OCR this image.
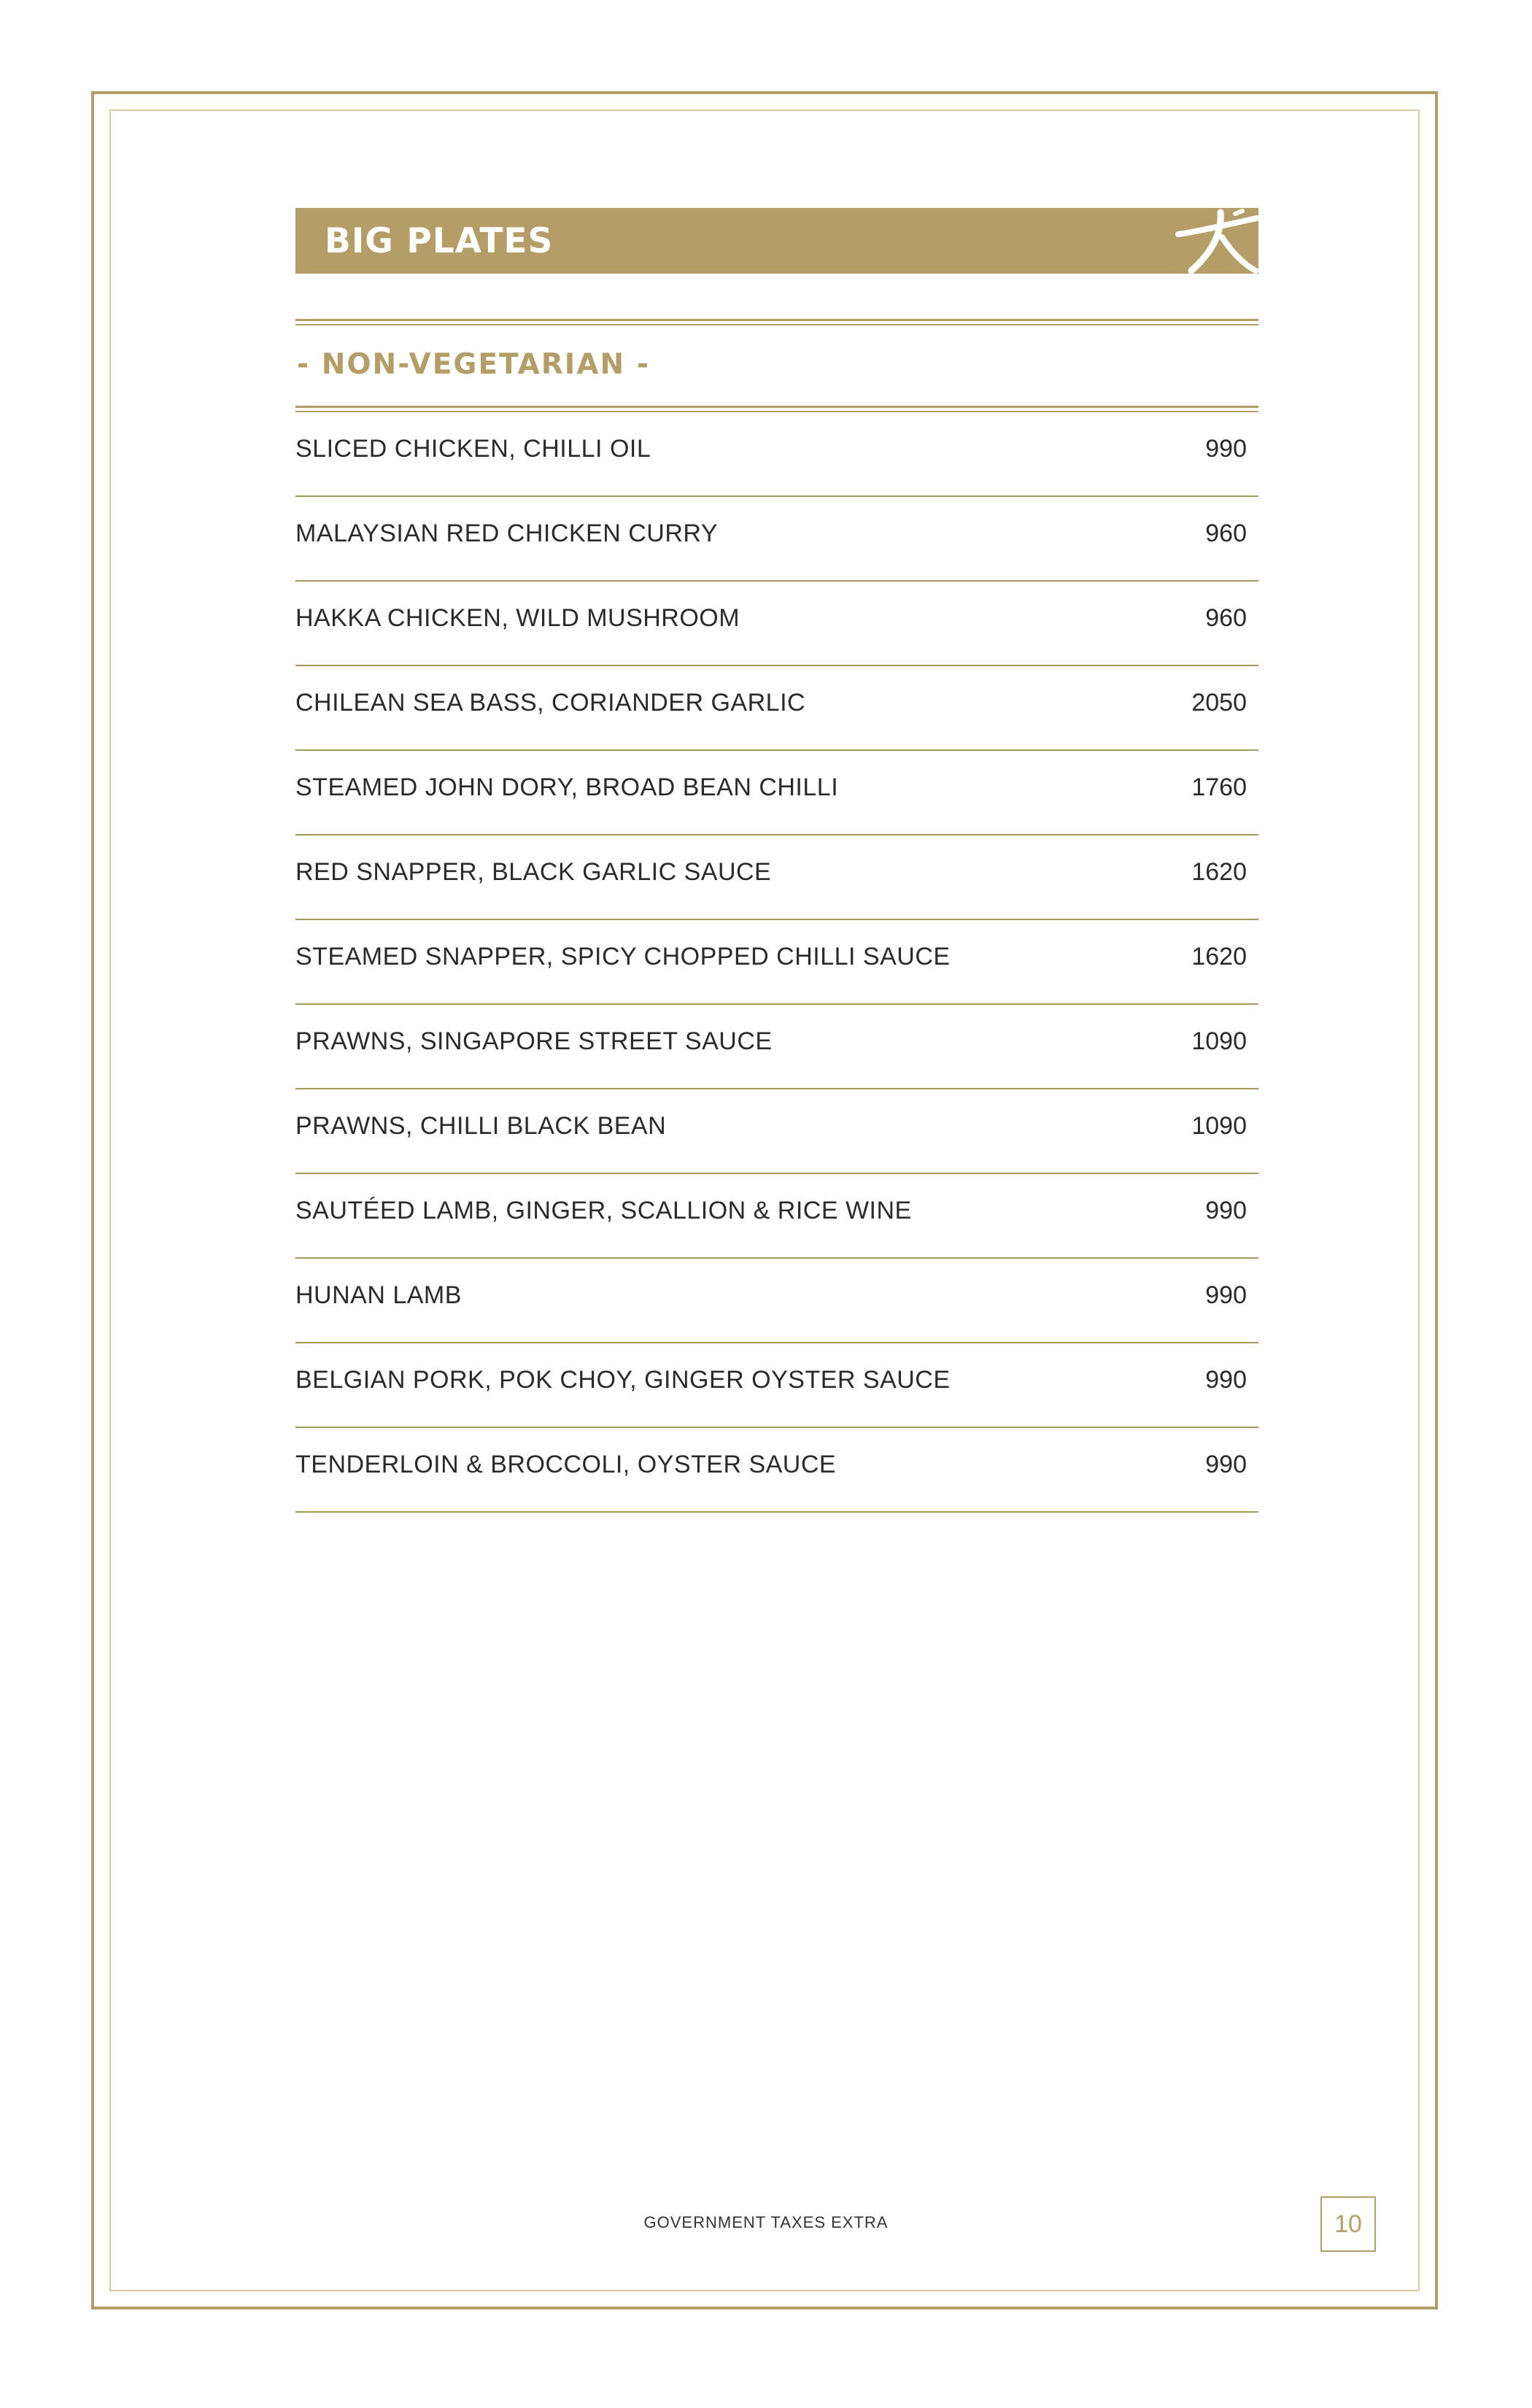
BIG PLATES
- NON-VEGETARIAN -
SLICED CHICKEN, CHILLI OIL	990
MALAYSIAN RED CHICKEN CURRY	960
HAKKA CHICKEN, WILD MUSHROOM	960
CHILEAN SEA BASS, CORIANDER GARLIC	2050
STEAMED JOHN DORY, BROAD BEAN CHILLI	1760
RED SNAPPER, BLACK GARLIC SAUCE	1620
STEAMED SNAPPER, SPICY CHOPPED CHILLI SAUCE	1620
PRAWNS, SINGAPORE STREET SAUCE	1090
PRAWNS, CHILLI BLACK BEAN	1090
SAUTÉED LAMB, GINGER, SCALLION & RICE WINE	990
HUNAN LAMB	990
BELGIAN PORK, POK CHOY, GINGER OYSTER SAUCE	990
TENDERLOIN & BROCCOLI, OYSTER SAUCE	990
GOVERNMENT TAXES EXTRA	10
